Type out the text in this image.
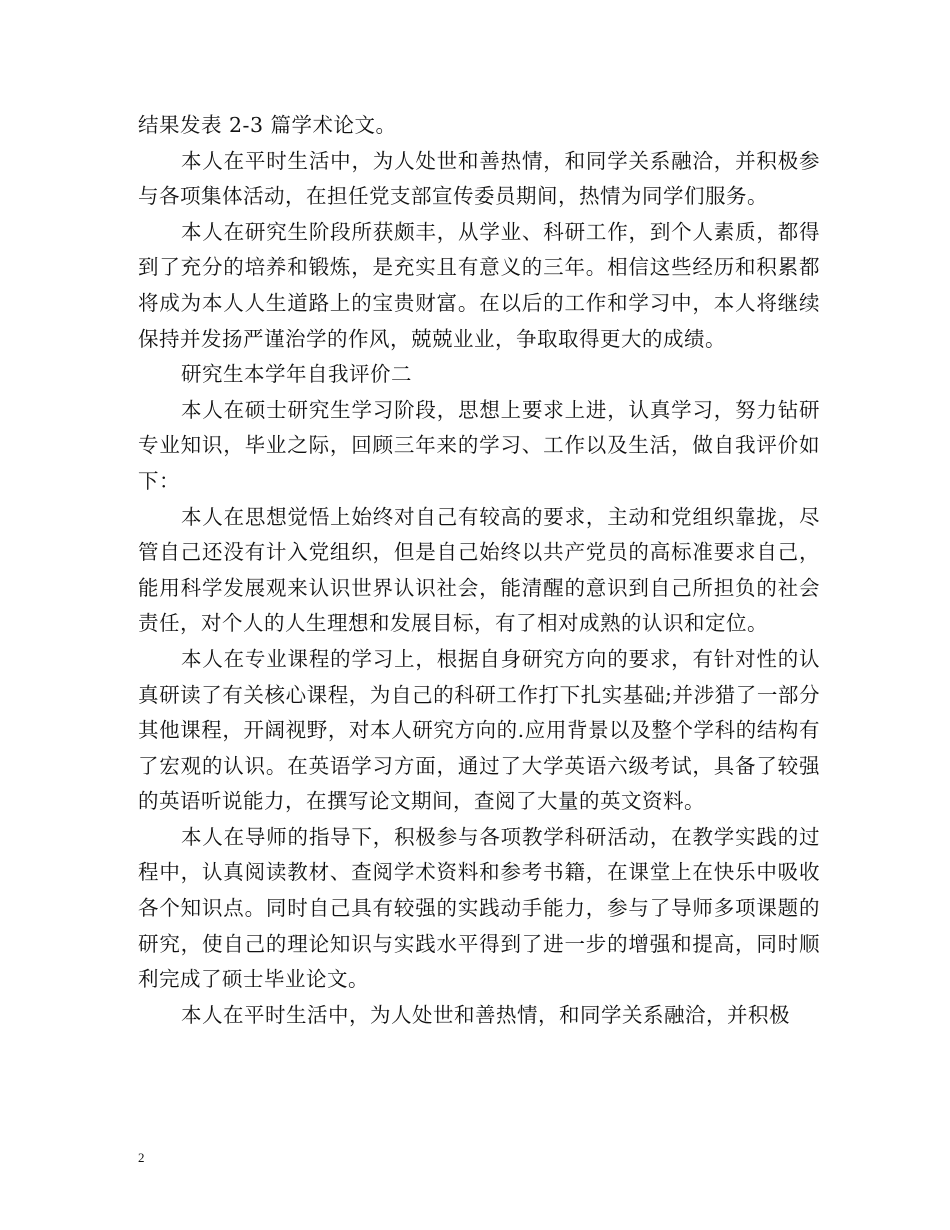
结果发表 2-3 篇学术论文。

本人在平时生活中，为人处世和善热情，和同学关系融洽，并积极参与各项集体活动，在担任党支部宣传委员期间，热情为同学们服务。

本人在研究生阶段所获颇丰，从学业、科研工作，到个人素质，都得到了充分的培养和锻炼，是充实且有意义的三年。相信这些经历和积累都将成为本人人生道路上的宝贵财富。在以后的工作和学习中，本人将继续保持并发扬严谨治学的作风，兢兢业业，争取取得更大的成绩。

研究生本学年自我评价二

本人在硕士研究生学习阶段，思想上要求上进，认真学习，努力钻研专业知识，毕业之际，回顾三年来的学习、工作以及生活，做自我评价如下：

本人在思想觉悟上始终对自己有较高的要求，主动和党组织靠拢，尽管自己还没有计入党组织，但是自己始终以共产党员的高标准要求自己，能用科学发展观来认识世界认识社会，能清醒的意识到自己所担负的社会责任，对个人的人生理想和发展目标，有了相对成熟的认识和定位。

本人在专业课程的学习上，根据自身研究方向的要求，有针对性的认真研读了有关核心课程，为自己的科研工作打下扎实基础;并涉猎了一部分其他课程，开阔视野，对本人研究方向的.应用背景以及整个学科的结构有了宏观的认识。在英语学习方面，通过了大学英语六级考试，具备了较强的英语听说能力，在撰写论文期间，查阅了大量的英文资料。

本人在导师的指导下，积极参与各项教学科研活动，在教学实践的过程中，认真阅读教材、查阅学术资料和参考书籍，在课堂上在快乐中吸收各个知识点。同时自己具有较强的实践动手能力，参与了导师多项课题的研究，使自己的理论知识与实践水平得到了进一步的增强和提高，同时顺利完成了硕士毕业论文。

本人在平时生活中，为人处世和善热情，和同学关系融洽，并积极

2
